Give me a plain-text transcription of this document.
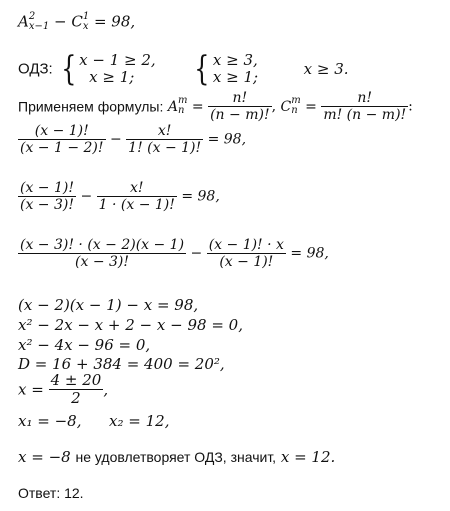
A 2
x−1 − C 1
x = 98,
ОДЗ: { x − 1 ≥ 2,
x ≥ 1;	{ x ≥ 3,
x ≥ 1;	x ≥ 3.
Применяем формулы: A m
$n = \frac{n!}{(n - m)!}$ , C m
$n = \frac{n!}{m! (n - m)!}$ :
$\frac{(x - 1)!}{(x - 1 - 2)!} - \frac{x!}{1! (x - 1)!} = 98$,
$\frac{(x - 1)!}{(x - 3)!} - \frac{x!}{1 \cdot (x - 1)!} = 98$,
$\frac{(x - 3)! \cdot (x - 2)(x - 1)}{(x - 3)!} - \frac{(x - 1)! \cdot x}{(x - 1)!} = 98$,
(x − 2)(x − 1) − x = 98,
x² − 2x − x + 2 − x − 98 = 0,
x² − 4x − 96 = 0,
D = 16 + 384 = 400 = 20²,
$x = \frac{4 \pm 20}{2}$ ,
x₁ = −8, x₂ = 12,
x = −8 не удовлетворяет ОДЗ, значит, x = 12.
Ответ: 12.
